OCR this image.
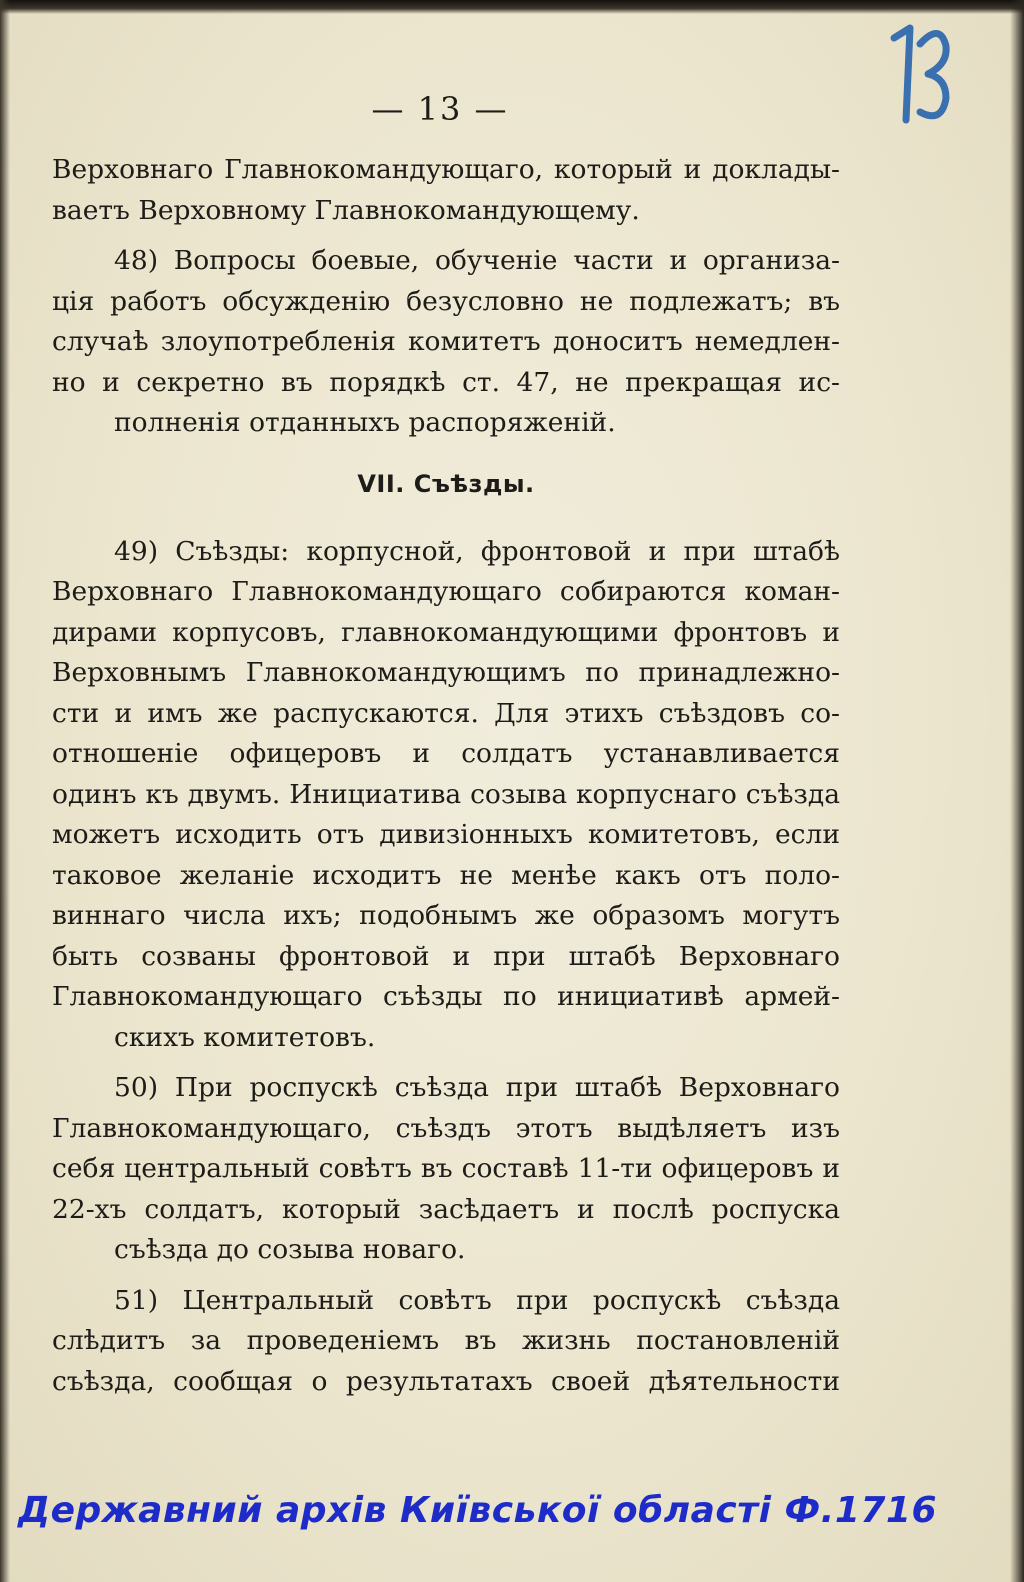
— 13 —

Верховнаго Главнокомандующаго, который и доклады-
ваетъ Верховному Главнокомандующему.

48) Вопросы боевые, обученіе части и организа- ція работъ обсужденію безусловно не подлежатъ; въ случаѣ злоупотребленія комитетъ доноситъ немедлен- но и секретно въ порядкѣ ст. 47, не прекращая ис-
полненія отданныхъ распоряженій.

VII. Съѣзды.

49) Съѣзды: корпусной, фронтовой и при штабѣ Верховнаго Главнокомандующаго собираются коман- дирами корпусовъ, главнокомандующими фронтовъ и Верховнымъ Главнокомандующимъ по принадлежно- сти и имъ же распускаются. Для этихъ съѣздовъ со- отношеніе офицеровъ и солдатъ устанавливается одинъ къ двумъ. Инициатива созыва корпуснаго съѣзда можетъ исходить отъ дивизіонныхъ комитетовъ, если таковое желаніе исходитъ не менѣе какъ отъ поло- виннаго числа ихъ; подобнымъ же образомъ могутъ быть созваны фронтовой и при штабѣ Верховнаго Главнокомандующаго съѣзды по инициативѣ армей-
скихъ комитетовъ.

50) При роспускѣ съѣзда при штабѣ Верховнаго Главнокомандующаго, съѣздъ этотъ выдѣляетъ изъ себя центральный совѣтъ въ составѣ 11-ти офицеровъ и 22-хъ солдатъ, который засѣдаетъ и послѣ роспуска
съѣзда до созыва новаго.

51) Центральный совѣтъ при роспускѣ съѣзда слѣдитъ за проведеніемъ въ жизнь постановленій съѣзда, сообщая о результатахъ своей дѣятельности

Державний архів Київської області Ф.1716
